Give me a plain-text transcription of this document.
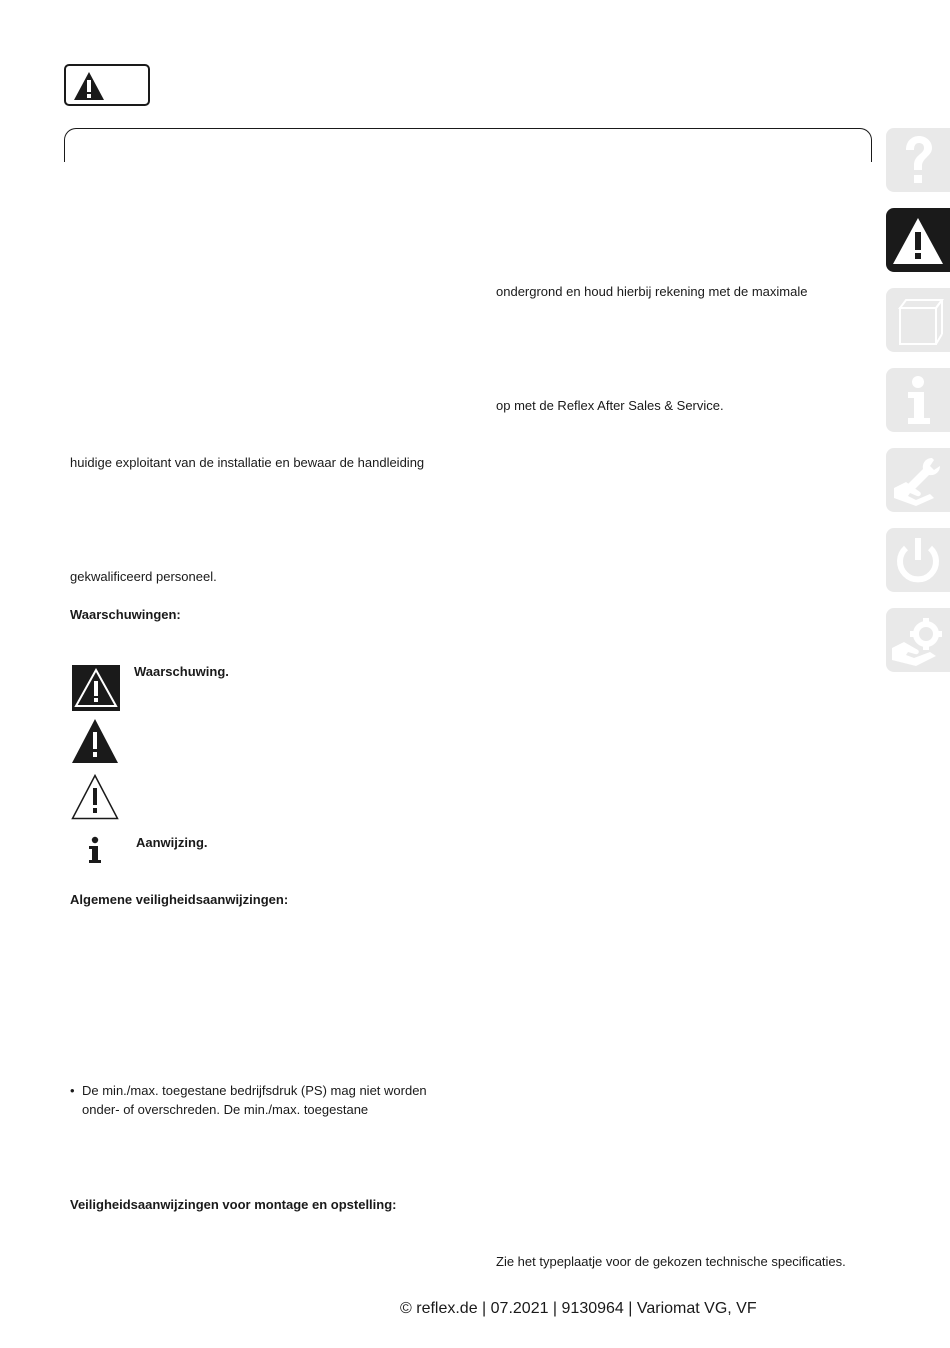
ondergrond en houd hierbij rekening met de maximale
op met de Reflex After Sales & Service.
Zie het typeplaatje voor de gekozen technische specificaties.
huidige exploitant van de installatie en bewaar de handleiding
gekwalificeerd personeel.
Waarschuwingen:
Waarschuwing.
Aanwijzing.
Algemene veiligheidsaanwijzingen:
• De min./max. toegestane bedrijfsdruk (PS) mag niet worden
onder- of overschreden. De min./max. toegestane
Veiligheidsaanwijzingen voor montage en opstelling:
© reflex.de | 07.2021 | 9130964 | Variomat VG, VF
